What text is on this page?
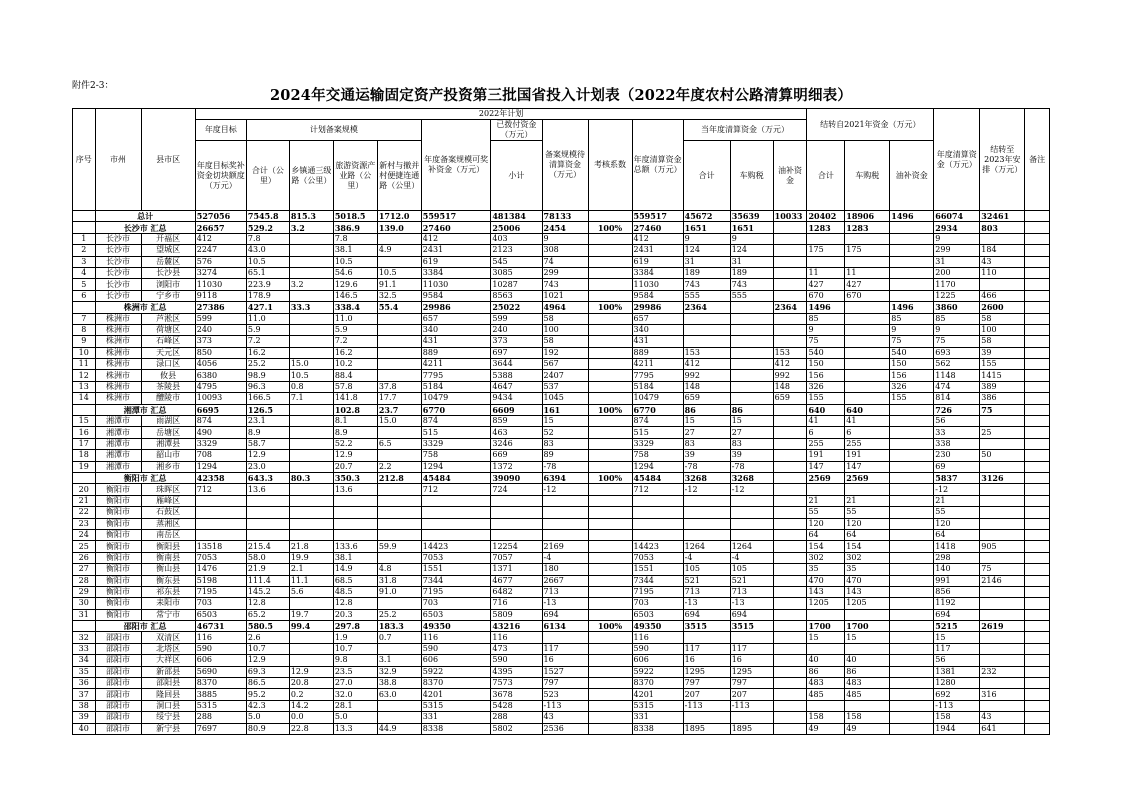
附件2-3：
2024年交通运输固定资产投资第三批国省投入计划表（2022年度农村公路清算明细表）
序号	市州	县市区	2022年计划													结转自2021年资金（万元）			年度清算资金（万元）	结转至2023年安排（万元）	备注
			年度目标	计划备案规模				年度备案规模可奖补资金（万元）	已拨付资金（万元）	备案规模待清算资金（万元）	考核系数	年度清算资金总额（万元）	当年度清算资金（万元）								
			年度目标奖补资金切块额度（万元）	合计（公里）	乡镇通三级路（公里）	旅游资源产业路（公里）	新村与撤并村便捷连通路（公里）		小计				合计	车购税	油补资金	合计	车购税	油补资金			
	总计		527056	7545.8	815.3	5018.5	1712.0	559517	481384	78133		559517	45672	35639	10033	20402	18906	1496	66074	32461	
	长沙市 汇总		26657	529.2	3.2	386.9	139.0	27460	25006	2454	100%	27460	1651	1651		1283	1283		2934	803	
1	长沙市	开福区	412	7.8		7.8		412	403	9		412	9	9					9		
2	长沙市	望城区	2247	43.0		38.1	4.9	2431	2123	308		2431	124	124		175	175		299	184	
3	长沙市	岳麓区	576	10.5		10.5		619	545	74		619	31	31					31	43	
4	长沙市	长沙县	3274	65.1		54.6	10.5	3384	3085	299		3384	189	189		11	11		200	110	
5	长沙市	浏阳市	11030	223.9	3.2	129.6	91.1	11030	10287	743		11030	743	743		427	427		1170		
6	长沙市	宁乡市	9118	178.9		146.5	32.5	9584	8563	1021		9584	555	555		670	670		1225	466	
	株洲市 汇总		27386	427.1	33.3	338.4	55.4	29986	25022	4964	100%	29986	2364		2364	1496		1496	3860	2600	
7	株洲市	芦淞区	599	11.0		11.0		657	599	58		657				85		85	85	58	
8	株洲市	荷塘区	240	5.9		5.9		340	240	100		340				9		9	9	100	
9	株洲市	石峰区	373	7.2		7.2		431	373	58		431				75		75	75	58	
10	株洲市	天元区	850	16.2		16.2		889	697	192		889	153		153	540		540	693	39	
11	株洲市	渌口区	4056	25.2	15.0	10.2		4211	3644	567		4211	412		412	150		150	562	155	
12	株洲市	攸县	6380	98.9	10.5	88.4		7795	5388	2407		7795	992		992	156		156	1148	1415	
13	株洲市	茶陵县	4795	96.3	0.8	57.8	37.8	5184	4647	537		5184	148		148	326		326	474	389	
14	株洲市	醴陵市	10093	166.5	7.1	141.8	17.7	10479	9434	1045		10479	659		659	155		155	814	386	
	湘潭市 汇总		6695	126.5		102.8	23.7	6770	6609	161	100%	6770	86	86		640	640		726	75	
15	湘潭市	雨湖区	874	23.1		8.1	15.0	874	859	15		874	15	15		41	41		56		
16	湘潭市	岳塘区	490	8.9		8.9		515	463	52		515	27	27		6	6		33	25	
17	湘潭市	湘潭县	3329	58.7		52.2	6.5	3329	3246	83		3329	83	83		255	255		338		
18	湘潭市	韶山市	708	12.9		12.9		758	669	89		758	39	39		191	191		230	50	
19	湘潭市	湘乡市	1294	23.0		20.7	2.2	1294	1372	-78		1294	-78	-78		147	147		69		
	衡阳市 汇总		42358	643.3	80.3	350.3	212.8	45484	39090	6394	100%	45484	3268	3268		2569	2569		5837	3126	
20	衡阳市	珠晖区	712	13.6		13.6		712	724	-12		712	-12	-12					-12		
21	衡阳市	雁峰区														21	21		21		
22	衡阳市	石鼓区														55	55		55		
23	衡阳市	蒸湘区														120	120		120		
24	衡阳市	南岳区														64	64		64		
25	衡阳市	衡阳县	13518	215.4	21.8	133.6	59.9	14423	12254	2169		14423	1264	1264		154	154		1418	905	
26	衡阳市	衡南县	7053	58.0	19.9	38.1		7053	7057	-4		7053	-4	-4		302	302		298		
27	衡阳市	衡山县	1476	21.9	2.1	14.9	4.8	1551	1371	180		1551	105	105		35	35		140	75	
28	衡阳市	衡东县	5198	111.4	11.1	68.5	31.8	7344	4677	2667		7344	521	521		470	470		991	2146	
29	衡阳市	祁东县	7195	145.2	5.6	48.5	91.0	7195	6482	713		7195	713	713		143	143		856		
30	衡阳市	耒阳市	703	12.8		12.8		703	716	-13		703	-13	-13		1205	1205		1192		
31	衡阳市	常宁市	6503	65.2	19.7	20.3	25.2	6503	5809	694		6503	694	694					694		
	邵阳市 汇总		46731	580.5	99.4	297.8	183.3	49350	43216	6134	100%	49350	3515	3515		1700	1700		5215	2619	
32	邵阳市	双清区	116	2.6		1.9	0.7	116	116			116				15	15		15		
33	邵阳市	北塔区	590	10.7		10.7		590	473	117		590	117	117					117		
34	邵阳市	大祥区	606	12.9		9.8	3.1	606	590	16		606	16	16		40	40		56		
35	邵阳市	新邵县	5690	69.3	12.9	23.5	32.9	5922	4395	1527		5922	1295	1295		86	86		1381	232	
36	邵阳市	邵阳县	8370	86.5	20.8	27.0	38.8	8370	7573	797		8370	797	797		483	483		1280		
37	邵阳市	隆回县	3885	95.2	0.2	32.0	63.0	4201	3678	523		4201	207	207		485	485		692	316	
38	邵阳市	洞口县	5315	42.3	14.2	28.1		5315	5428	-113		5315	-113	-113					-113		
39	邵阳市	绥宁县	288	5.0	0.0	5.0		331	288	43		331				158	158		158	43	
40	邵阳市	新宁县	7697	80.9	22.8	13.3	44.9	8338	5802	2536		8338	1895	1895		49	49		1944	641	
